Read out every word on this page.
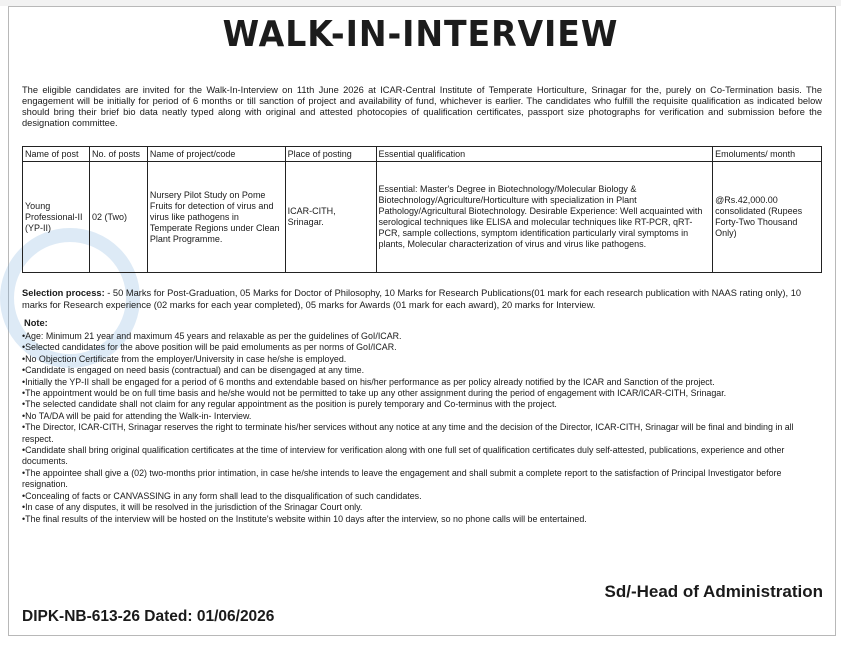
WALK-IN-INTERVIEW
The eligible candidates are invited for the Walk-In-Interview on 11th June 2026 at ICAR-Central Institute of Temperate Horticulture, Srinagar for the, purely on Co-Termination basis. The engagement will be initially for period of 6 months or till sanction of project and availability of fund, whichever is earlier. The candidates who fulfill the requisite qualification as indicated below should bring their brief bio data neatly typed along with original and attested photocopies of qualification certificates, passport size photographs for verification and submission before the designation committee.
Name of post	No. of posts	Name of project/code	Place of posting	Essential qualification	Emoluments/ month
Young Professional-II (YP-II)	02 (Two)	Nursery Pilot Study on Pome Fruits for detection of virus and virus like pathogens in Temperate Regions under Clean Plant Programme.	ICAR-CITH, Srinagar.	Essential: Master's Degree in Biotechnology/Molecular Biology & Biotechnology/Agriculture/Horticulture with specialization in Plant Pathology/Agricultural Biotechnology. Desirable Experience: Well acquainted with serological techniques like ELISA and molecular techniques like RT-PCR, qRT-PCR, sample collections, symptom identification particularly viral symptoms in plants, Molecular characterization of virus and virus like pathogens.	@Rs.42,000.00 consolidated (Rupees Forty-Two Thousand Only)
Selection process: - 50 Marks for Post-Graduation, 05 Marks for Doctor of Philosophy, 10 Marks for Research Publications(01 mark for each research publication with NAAS rating only), 10 marks for Research experience (02 marks for each year completed), 05 marks for Awards (01 mark for each award), 20 marks for Interview.
Note:
• Age: Minimum 21 year and maximum 45 years and relaxable as per the guidelines of GoI/ICAR.
• Selected candidates for the above position will be paid emoluments as per norms of GoI/ICAR.
• No Objection Certificate from the employer/University in case he/she is employed.
• Candidate is engaged on need basis (contractual) and can be disengaged at any time.
• Initially the YP-II shall be engaged for a period of 6 months and extendable based on his/her performance as per policy already notified by the ICAR and Sanction of the project.
• The appointment would be on full time basis and he/she would not be permitted to take up any other assignment during the period of engagement with ICAR/ICAR-CITH, Srinagar.
• The selected candidate shall not claim for any regular appointment as the position is purely temporary and Co-terminus with the project.
• No TA/DA will be paid for attending the Walk-in- Interview.
• The Director, ICAR-CITH, Srinagar reserves the right to terminate his/her services without any notice at any time and the decision of the Director, ICAR-CITH, Srinagar will be final and binding in all respect.
• Candidate shall bring original qualification certificates at the time of interview for verification along with one full set of qualification certificates duly self-attested, publications, experience and other documents.
• The appointee shall give a (02) two-months prior intimation, in case he/she intends to leave the engagement and shall submit a complete report to the satisfaction of Principal Investigator before resignation.
• Concealing of facts or CANVASSING in any form shall lead to the disqualification of such candidates.
• In case of any disputes, it will be resolved in the jurisdiction of the Srinagar Court only.
• The final results of the interview will be hosted on the Institute's website within 10 days after the interview, so no phone calls will be entertained.
Sd/-Head of Administration
DIPK-NB-613-26 Dated: 01/06/2026
